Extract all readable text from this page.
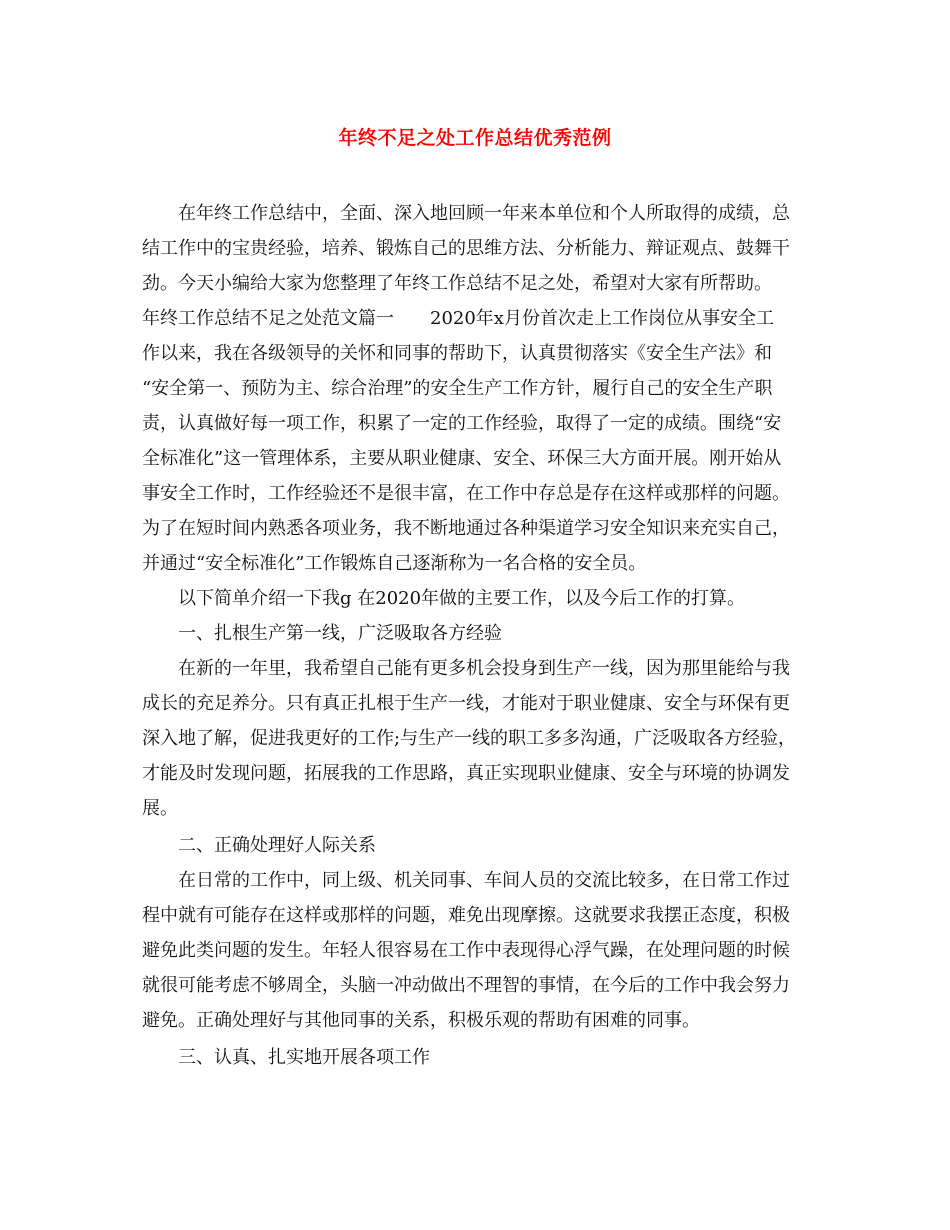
年终不足之处工作总结优秀范例
在年终工作总结中，全面、深入地回顾一年来本单位和个人所取得的成绩，总
结工作中的宝贵经验，培养、锻炼自己的思维方法、分析能力、辩证观点、鼓舞干
劲。今天小编给大家为您整理了年终工作总结不足之处，希望对大家有所帮助。
年终工作总结不足之处范文篇一　　2020年x月份首次走上工作岗位从事安全工
作以来，我在各级领导的关怀和同事的帮助下，认真贯彻落实《安全生产法》和
“安全第一、预防为主、综合治理”的安全生产工作方针，履行自己的安全生产职
责，认真做好每一项工作，积累了一定的工作经验，取得了一定的成绩。围绕“安
全标准化”这一管理体系，主要从职业健康、安全、环保三大方面开展。刚开始从
事安全工作时，工作经验还不是很丰富，在工作中存总是存在这样或那样的问题。
为了在短时间内熟悉各项业务，我不断地通过各种渠道学习安全知识来充实自己，
并通过“安全标准化”工作锻炼自己逐渐称为一名合格的安全员。
以下简单介绍一下我g 在2020年做的主要工作，以及今后工作的打算。
一、扎根生产第一线，广泛吸取各方经验
在新的一年里，我希望自己能有更多机会投身到生产一线，因为那里能给与我
成长的充足养分。只有真正扎根于生产一线，才能对于职业健康、安全与环保有更
深入地了解，促进我更好的工作;与生产一线的职工多多沟通，广泛吸取各方经验，
才能及时发现问题，拓展我的工作思路，真正实现职业健康、安全与环境的协调发
展。
二、正确处理好人际关系
在日常的工作中，同上级、机关同事、车间人员的交流比较多，在日常工作过
程中就有可能存在这样或那样的问题，难免出现摩擦。这就要求我摆正态度，积极
避免此类问题的发生。年轻人很容易在工作中表现得心浮气躁，在处理问题的时候
就很可能考虑不够周全，头脑一冲动做出不理智的事情，在今后的工作中我会努力
避免。正确处理好与其他同事的关系，积极乐观的帮助有困难的同事。
三、认真、扎实地开展各项工作
